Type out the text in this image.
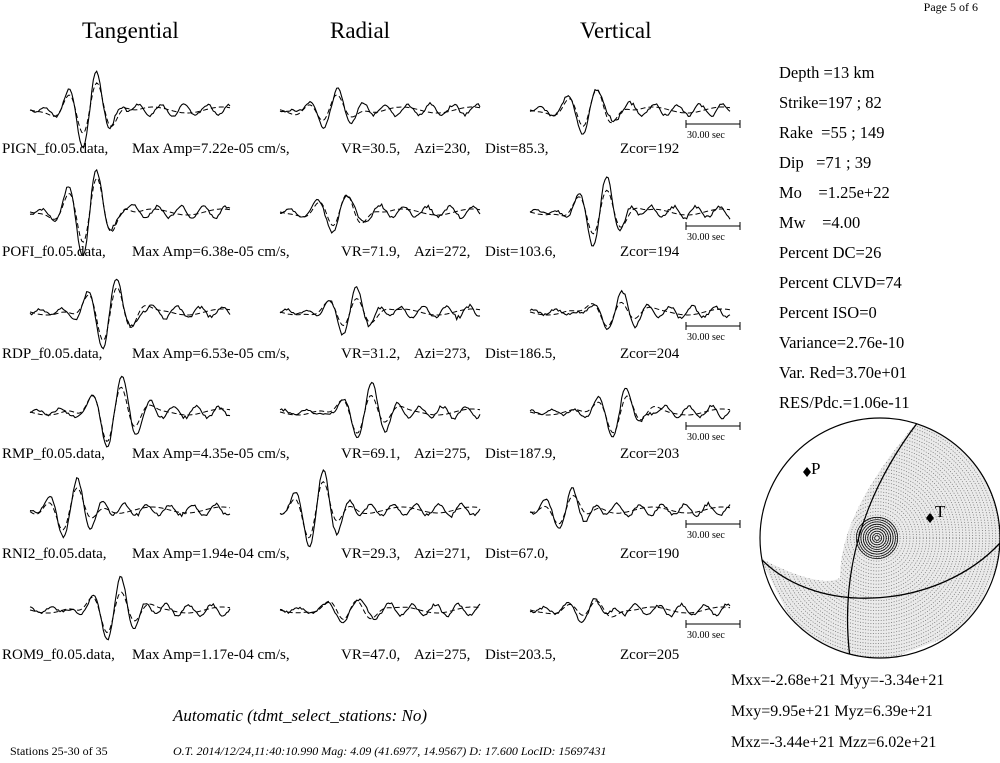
Page 5 of 6
Tangential	Radial	Vertical
30.00 sec
30.00 sec
30.00 sec
30.00 sec
30.00 sec
30.00 sec
P
T
PIGN_f0.05.data, Max Amp=7.22e-05 cm/s,	VR=30.5, Azi=230, Dist=85.3,	Zcor=192
POFI_f0.05.data, Max Amp=6.38e-05 cm/s,	VR=71.9, Azi=272, Dist=103.6,	Zcor=194
RDP_f0.05.data, Max Amp=6.53e-05 cm/s,	VR=31.2, Azi=273, Dist=186.5,	Zcor=204
RMP_f0.05.data, Max Amp=4.35e-05 cm/s,	VR=69.1, Azi=275, Dist=187.9,	Zcor=203
RNI2_f0.05.data, Max Amp=1.94e-04 cm/s,	VR=29.3, Azi=271, Dist=67.0,	Zcor=190
ROM9_f0.05.data, Max Amp=1.17e-04 cm/s,	VR=47.0, Azi=275, Dist=203.5,	Zcor=205
Depth =13 km
Strike=197 ; 82
Rake  =55 ; 149
Dip   =71 ; 39
Mo    =1.25e+22
Mw    =4.00
Percent DC=26
Percent CLVD=74
Percent ISO=0
Variance=2.76e-10
Var. Red=3.70e+01
RES/Pdc.=1.06e-11
Mxx=-2.68e+21 Myy=-3.34e+21
Mxy=9.95e+21 Myz=6.39e+21
Mxz=-3.44e+21 Mzz=6.02e+21
Automatic (tdmt_select_stations: No)
Stations 25-30 of 35	O.T. 2014/12/24,11:40:10.990 Mag: 4.09 (41.6977, 14.9567) D: 17.600 LocID: 15697431
